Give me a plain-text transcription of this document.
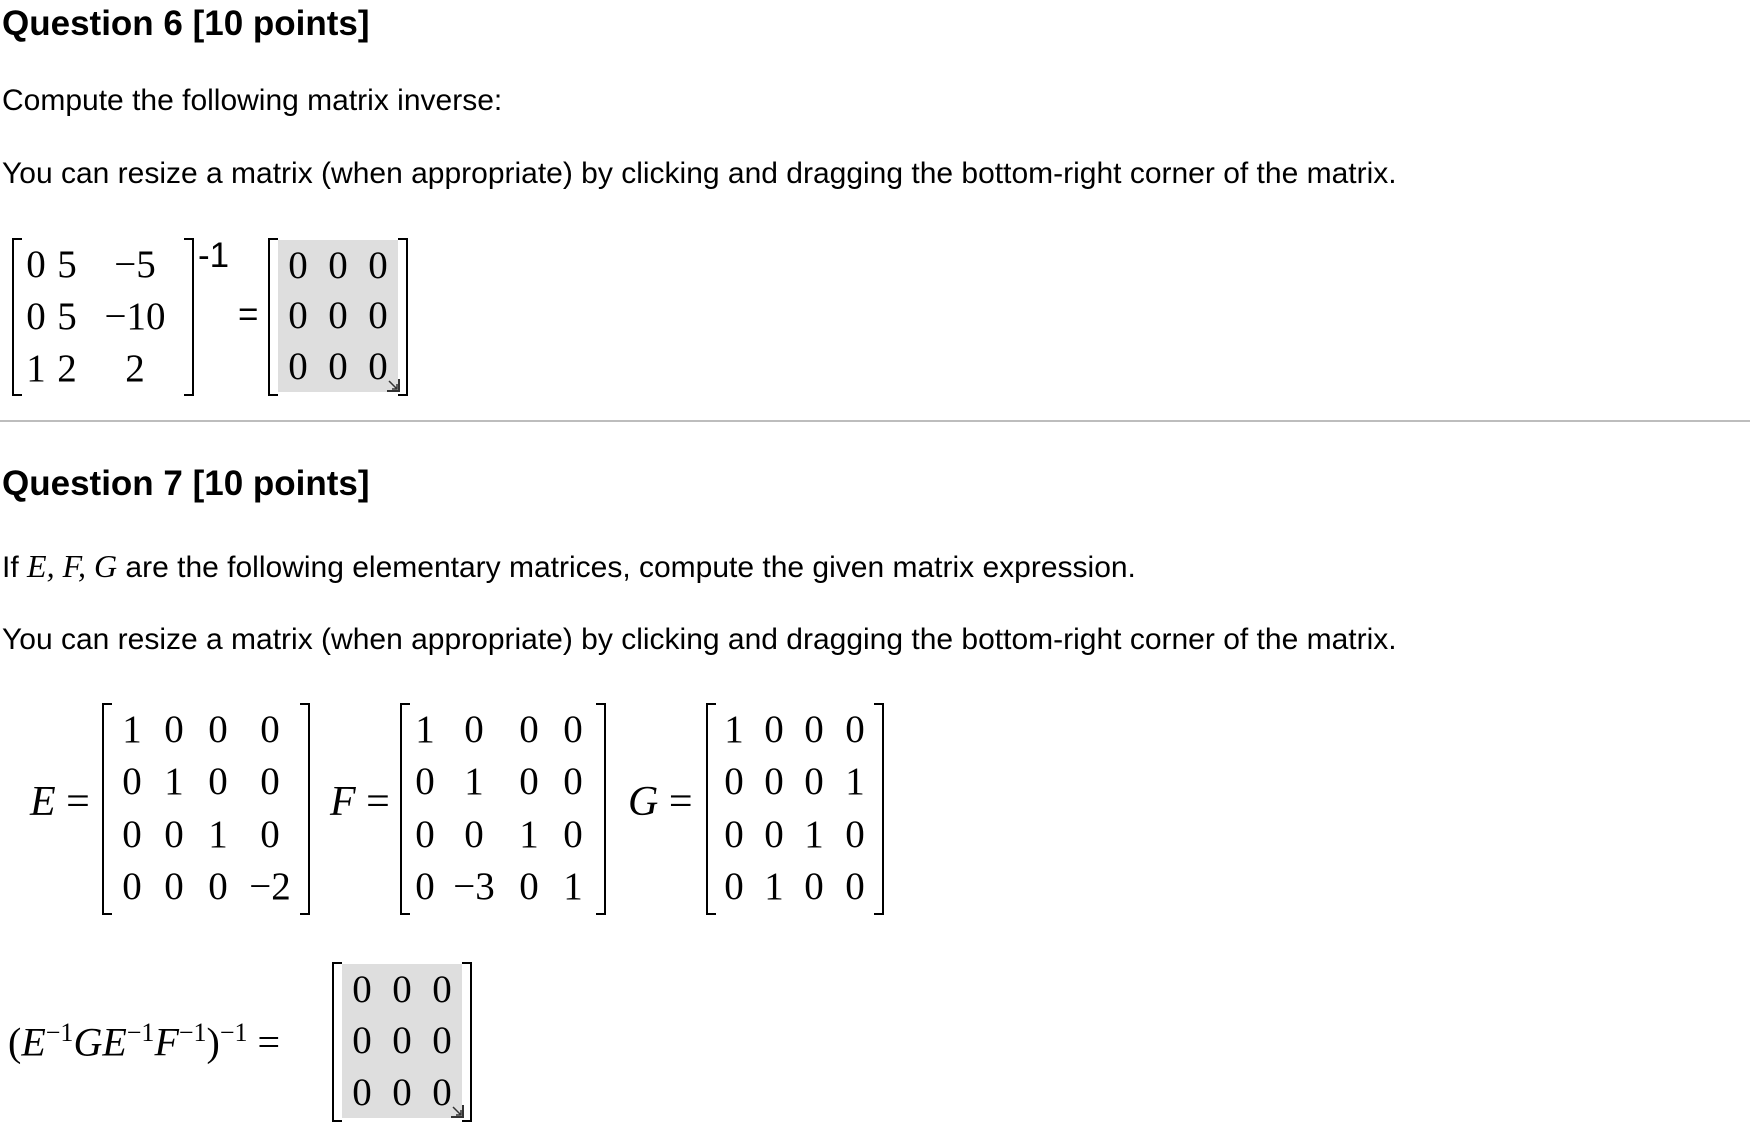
Question 6 [10 points]
Compute the following matrix inverse:
You can resize a matrix (when appropriate) by clicking and dragging the bottom-right corner of the matrix.
0 5 −5
0 5 −10
1 2	2
-1
=
0 0 0
0 0 0
0 0 0
Question 7 [10 points]
If E, F, G are the following elementary matrices, compute the given matrix expression.
You can resize a matrix (when appropriate) by clicking and dragging the bottom-right corner of the matrix.
E =
1 0 0 0
0 1 0 0
0 0 1 0
0 0 0 −2
F =
1 0 0 0
0 1 0 0
0 0 1 0
0 −3 0 1
G =
1 0 0 0
0 0 0 1
0 0 1 0
0 1 0 0
$(E^{-1}GE^{-1}F^{-1})^{-1}$ =
0 0 0
0 0 0
0 0 0
